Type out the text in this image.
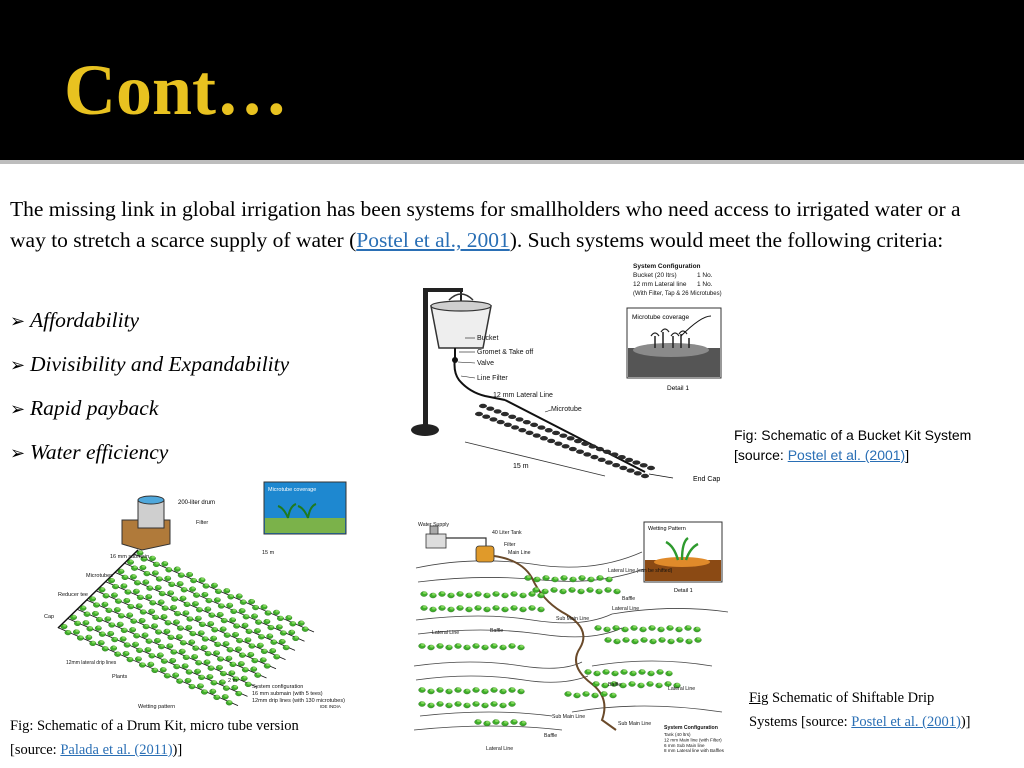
Cont…

The missing link in global irrigation has been systems for smallholders who need access to irrigated water or a way to stretch a scarce supply of water (Postel et al., 2001). Such systems would meet the following criteria:

➢ Affordability
➢ Divisibility and Expandability
➢ Rapid payback
➢ Water efficiency
15 m
End Cap
Bucket
Gromet & Take off
Valve
Line Filter
12 mm Lateral Line
Microtube
System Configuration
Bucket (20 ltrs)	1 No.
12 mm Lateral line 1 No.
(With Filter, Tap & 26 Microtubes)
Microtube coverage
Detail 1
Fig: Schematic of a Bucket Kit System [source: Postel et al. (2001)]
200-liter drum
Microtube coverage
Filter
16 mm submain
15 m
Microtubes
Reducer tee
Cap
12mm lateral drip lines
Plants
2 m
Wetting pattern
System configuration
16 mm submain (with 5 tees)
12mm drip lines (with 130 microtubes)
IDE INDIA
Fig: Schematic of a Drum Kit, micro tube version
[source: Palada et al. (2011))]
Wetting Pattern
Detail 1
Water Supply
40 Liter Tank
Filter
Main Line
Lateral Line (can be shifted)
Baffle
Lateral Line
Sub Main Line
Baffle
Lateral Line
Lateral Line
Baffle
Sub Main Line
Baffle
Sub Main Line
Lateral Line
System Configuration
Tank (40 ltrs)
12 mm Main line (with Filter)
6 mm Sub Main line
8 mm Lateral line with Baffles
Fig Schematic of Shiftable Drip
Systems [source: Postel et al. (2001))]
